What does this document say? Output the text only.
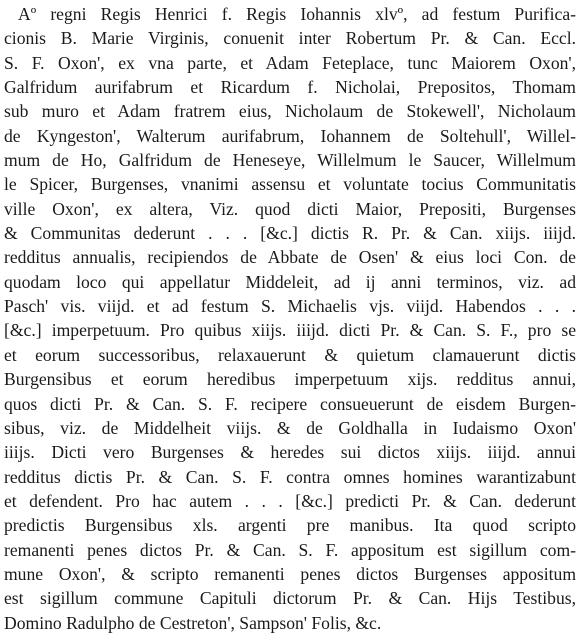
Aº regni Regis Henrici f. Regis Iohannis xlvº, ad festum Purifica-
cionis B. Marie Virginis, conuenit inter Robertum Pr. & Can. Eccl.
S. F. Oxon', ex vna parte, et Adam Feteplace, tunc Maiorem Oxon',
Galfridum aurifabrum et Ricardum f. Nicholai, Prepositos, Thomam
sub muro et Adam fratrem eius, Nicholaum de Stokewell', Nicholaum
de Kyngeston', Walterum aurifabrum, Iohannem de Soltehull', Willel-
mum de Ho, Galfridum de Heneseye, Willelmum le Saucer, Willelmum
le Spicer, Burgenses, vnanimi assensu et voluntate tocius Communitatis
ville Oxon', ex altera, Viz. quod dicti Maior, Prepositi, Burgenses
& Communitas dederunt . . . [&c.] dictis R. Pr. & Can. xiijs. iiijd.
redditus annualis, recipiendos de Abbate de Osen' & eius loci Con. de
quodam loco qui appellatur Middeleit, ad ij anni terminos, viz. ad
Pasch' vis. viijd. et ad festum S. Michaelis vjs. viijd. Habendos . . .
[&c.] imperpetuum. Pro quibus xiijs. iiijd. dicti Pr. & Can. S. F., pro se
et eorum successoribus, relaxauerunt & quietum clamauerunt dictis
Burgensibus et eorum heredibus imperpetuum xijs. redditus annui,
quos dicti Pr. & Can. S. F. recipere consueuerunt de eisdem Burgen-
sibus, viz. de Middelheit viijs. & de Goldhalla in Iudaismo Oxon'
iiijs. Dicti vero Burgenses & heredes sui dictos xiijs. iiijd. annui
redditus dictis Pr. & Can. S. F. contra omnes homines warantizabunt
et defendent. Pro hac autem . . . [&c.] predicti Pr. & Can. dederunt
predictis Burgensibus xls. argenti pre manibus. Ita quod scripto
remanenti penes dictos Pr. & Can. S. F. appositum est sigillum com-
mune Oxon', & scripto remanenti penes dictos Burgenses appositum
est sigillum commune Capituli dictorum Pr. & Can. Hijs Testibus,
Domino Radulpho de Cestreton', Sampson' Folis, &c.
